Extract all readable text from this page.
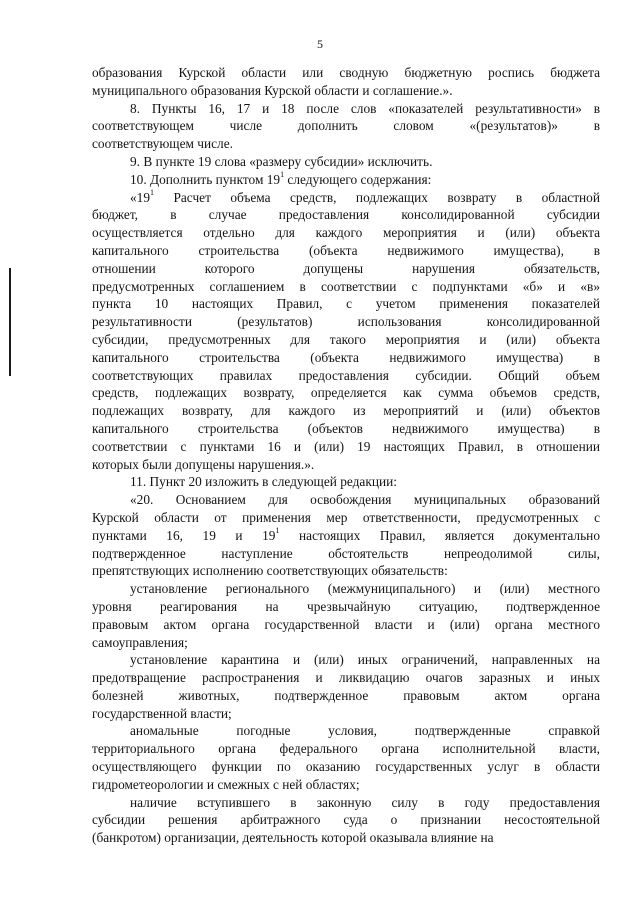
5

образования Курской области или сводную бюджетную роспись бюджета

муниципального образования Курской области и соглашение.».

8. Пункты 16, 17 и 18 после слов «показателей результативности» в

соответствующем числе дополнить словом «(результатов)» в

соответствующем числе.

9. В пункте 19 слова «размеру субсидии» исключить.

10. Дополнить пунктом $19^1$ следующего содержания:

«$19^1$ Расчет объема средств, подлежащих возврату в областной

бюджет, в случае предоставления консолидированной субсидии

осуществляется отдельно для каждого мероприятия и (или) объекта

капитального строительства (объекта недвижимого имущества), в

отношении которого допущены нарушения обязательств,

предусмотренных соглашением в соответствии с подпунктами «б» и «в»

пункта 10 настоящих Правил, с учетом применения показателей

результативности (результатов) использования консолидированной

субсидии, предусмотренных для такого мероприятия и (или) объекта

капитального строительства (объекта недвижимого имущества) в

соответствующих правилах предоставления субсидии. Общий объем

средств, подлежащих возврату, определяется как сумма объемов средств,

подлежащих возврату, для каждого из мероприятий и (или) объектов

капитального строительства (объектов недвижимого имущества) в

соответствии с пунктами 16 и (или) 19 настоящих Правил, в отношении

которых были допущены нарушения.».

11. Пункт 20 изложить в следующей редакции:

«20. Основанием для освобождения муниципальных образований

Курской области от применения мер ответственности, предусмотренных с

пунктами 16, 19 и $19^1$ настоящих Правил, является документально

подтвержденное наступление обстоятельств непреодолимой силы,

препятствующих исполнению соответствующих обязательств:

установление регионального (межмуниципального) и (или) местного

уровня реагирования на чрезвычайную ситуацию, подтвержденное

правовым актом органа государственной власти и (или) органа местного

самоуправления;

установление карантина и (или) иных ограничений, направленных на

предотвращение распространения и ликвидацию очагов заразных и иных

болезней животных, подтвержденное правовым актом органа

государственной власти;

аномальные погодные условия, подтвержденные справкой

территориального органа федерального органа исполнительной власти,

осуществляющего функции по оказанию государственных услуг в области

гидрометеорологии и смежных с ней областях;

наличие вступившего в законную силу в году предоставления

субсидии решения арбитражного суда о признании несостоятельной

(банкротом) организации, деятельность которой оказывала влияние на
